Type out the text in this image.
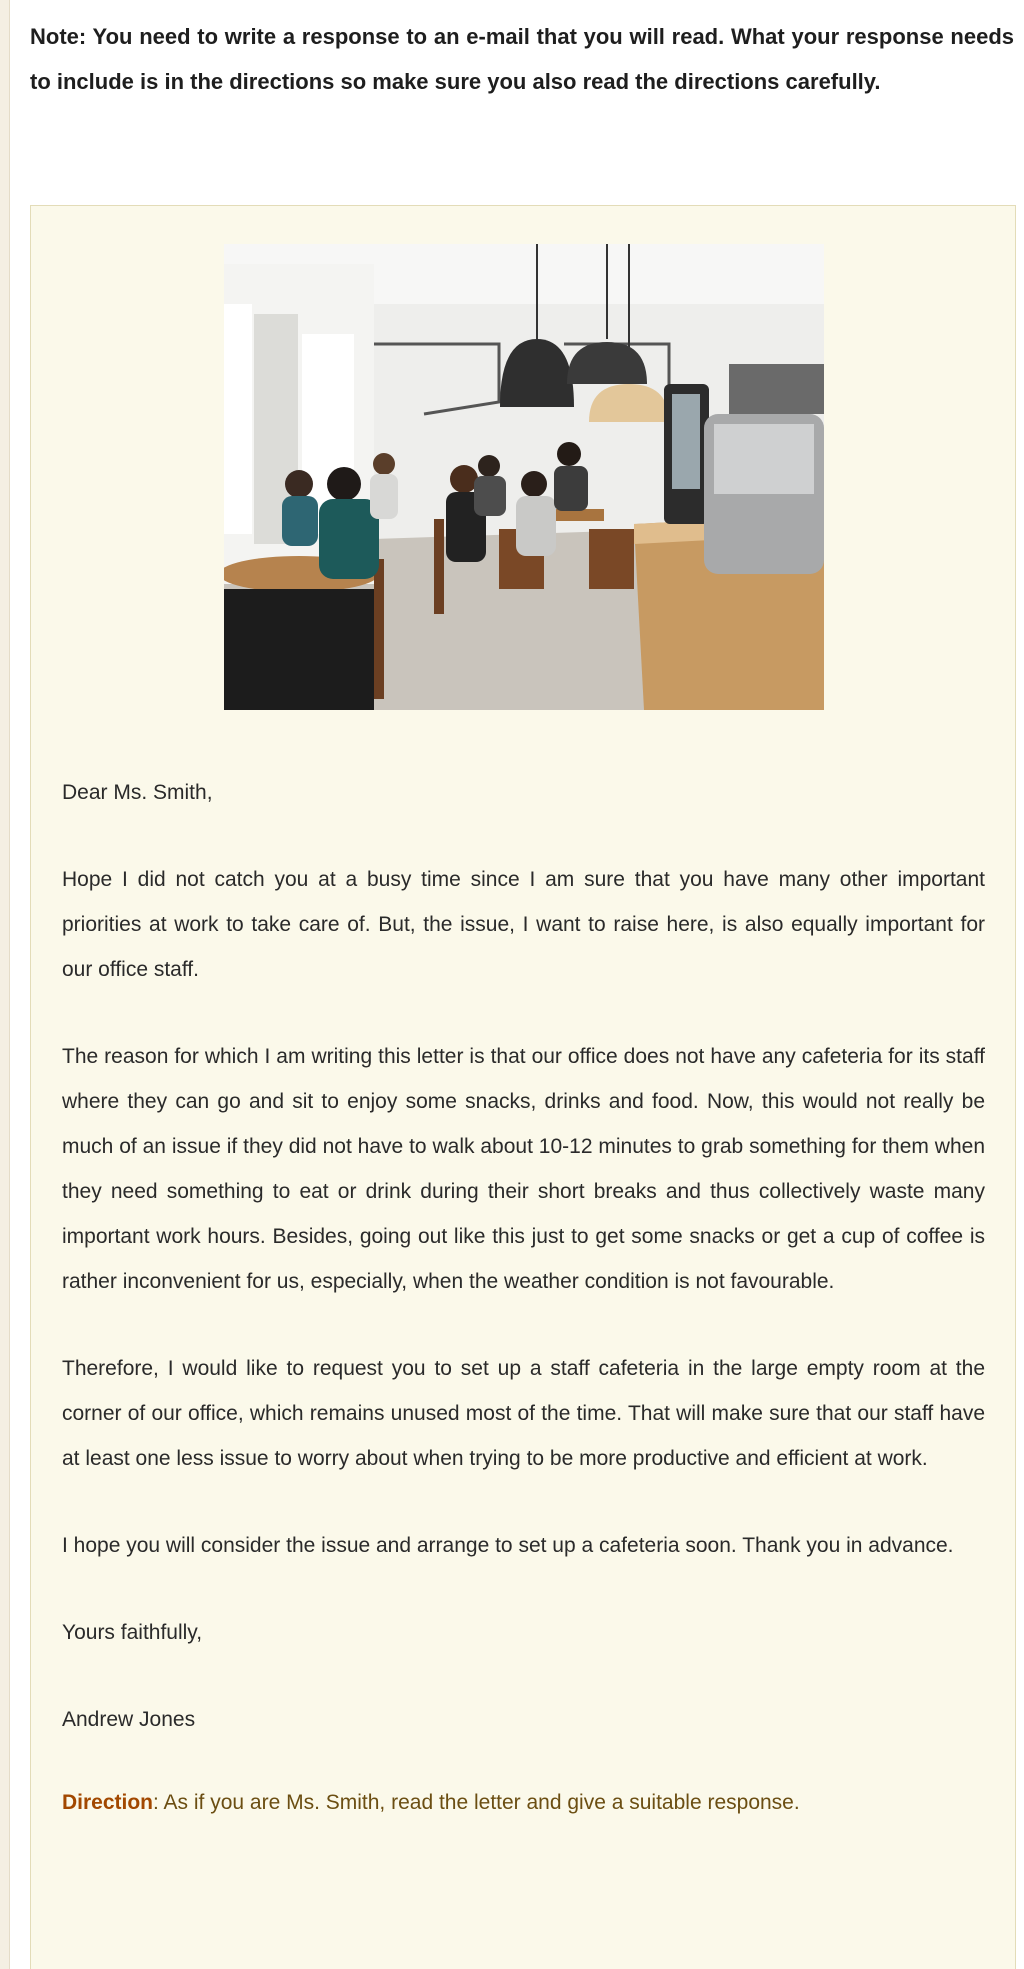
Note: You need to write a response to an e-mail that you will read. What your response needs to include is in the directions so make sure you also read the directions carefully.

Dear Ms. Smith,

Hope I did not catch you at a busy time since I am sure that you have many other important priorities at work to take care of. But, the issue, I want to raise here, is also equally important for our office staff.

The reason for which I am writing this letter is that our office does not have any cafeteria for its staff where they can go and sit to enjoy some snacks, drinks and food. Now, this would not really be much of an issue if they did not have to walk about 10-12 minutes to grab something for them when they need something to eat or drink during their short breaks and thus collectively waste many important work hours. Besides, going out like this just to get some snacks or get a cup of coffee is rather inconvenient for us, especially, when the weather condition is not favourable.

Therefore, I would like to request you to set up a staff cafeteria in the large empty room at the corner of our office, which remains unused most of the time. That will make sure that our staff have at least one less issue to worry about when trying to be more productive and efficient at work.

I hope you will consider the issue and arrange to set up a cafeteria soon. Thank you in advance.

Yours faithfully,

Andrew Jones

Direction: As if you are Ms. Smith, read the letter and give a suitable response.
